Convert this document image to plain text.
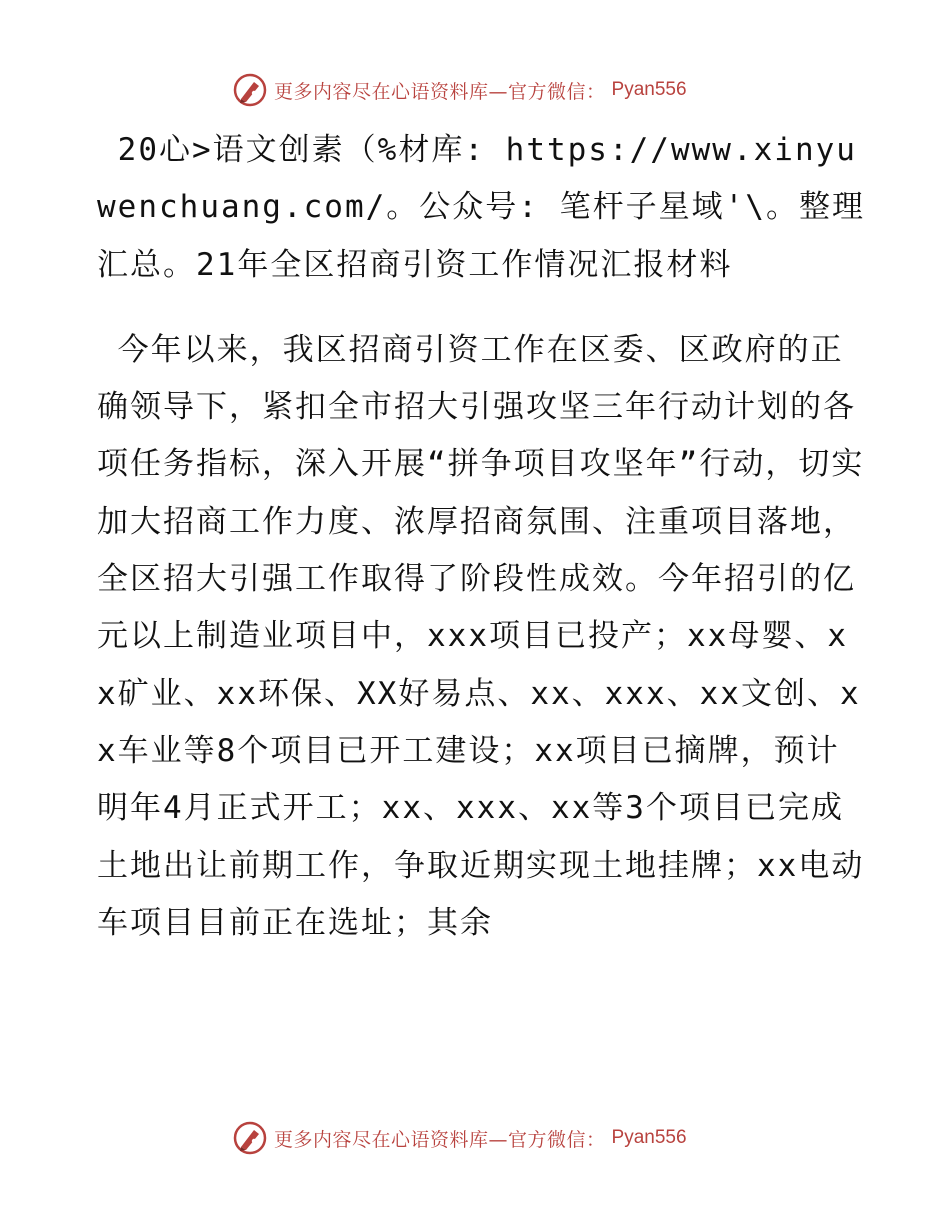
更多内容尽在心语资料库—官方微信： Pyan556

20心>语文创素（%材库: https://www.xinyuwenchuang.com/。公众号: 笔杆子星域'\。整理汇总。21年全区招商引资工作情况汇报材料

今年以来，我区招商引资工作在区委、区政府的正确领导下，紧扣全市招大引强攻坚三年行动计划的各项任务指标，深入开展“拼争项目攻坚年”行动，切实加大招商工作力度、浓厚招商氛围、注重项目落地，全区招大引强工作取得了阶段性成效。今年招引的亿元以上制造业项目中，xxx项目已投产；xx母婴、xx矿业、xx环保、XX好易点、xx、xxx、xx文创、xx车业等8个项目已开工建设；xx项目已摘牌，预计明年4月正式开工；xx、xxx、xx等3个项目已完成土地出让前期工作，争取近期实现土地挂牌；xx电动车项目目前正在选址；其余

更多内容尽在心语资料库—官方微信： Pyan556
